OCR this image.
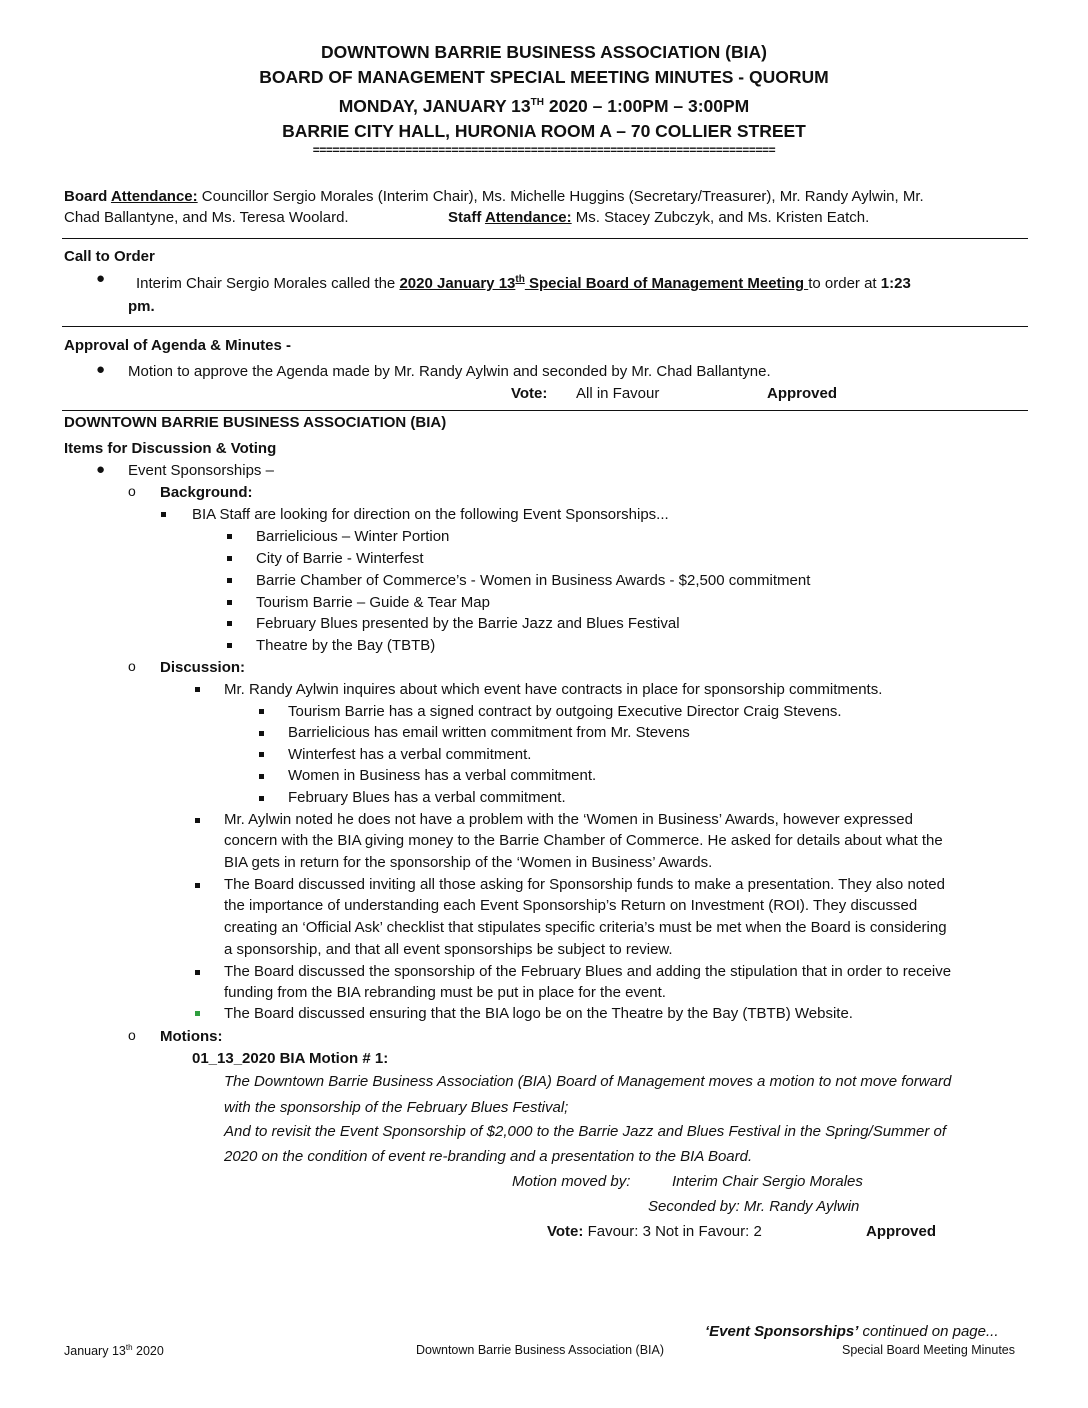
DOWNTOWN BARRIE BUSINESS ASSOCIATION (BIA)
BOARD OF MANAGEMENT SPECIAL MEETING MINUTES - QUORUM
MONDAY, JANUARY 13TH 2020 – 1:00PM – 3:00PM
BARRIE CITY HALL, HURONIA ROOM A – 70 COLLIER STREET
======================================================================
Board Attendance: Councillor Sergio Morales (Interim Chair), Ms. Michelle Huggins (Secretary/Treasurer), Mr. Randy Aylwin, Mr.
Chad Ballantyne, and Ms. Teresa Woolard.	Staff Attendance: Ms. Stacey Zubczyk, and Ms. Kristen Eatch.
Call to Order
● Interim Chair Sergio Morales called the 2020 January 13th Special Board of Management Meeting to order at 1:23
pm.
Approval of Agenda & Minutes -
● Motion to approve the Agenda made by Mr. Randy Aylwin and seconded by Mr. Chad Ballantyne.
Vote: All in Favour	Approved
DOWNTOWN BARRIE BUSINESS ASSOCIATION (BIA)
Items for Discussion & Voting
● Event Sponsorships –
o Background:
BIA Staff are looking for direction on the following Event Sponsorships...
Barrielicious – Winter Portion
City of Barrie - Winterfest
Barrie Chamber of Commerce’s - Women in Business Awards - $2,500 commitment
Tourism Barrie – Guide & Tear Map
February Blues presented by the Barrie Jazz and Blues Festival
Theatre by the Bay (TBTB)
o Discussion:
Mr. Randy Aylwin inquires about which event have contracts in place for sponsorship commitments.
Tourism Barrie has a signed contract by outgoing Executive Director Craig Stevens.
Barrielicious has email written commitment from Mr. Stevens
Winterfest has a verbal commitment.
Women in Business has a verbal commitment.
February Blues has a verbal commitment.
Mr. Aylwin noted he does not have a problem with the ‘Women in Business’ Awards, however expressed
concern with the BIA giving money to the Barrie Chamber of Commerce. He asked for details about what the
BIA gets in return for the sponsorship of the ‘Women in Business’ Awards.
The Board discussed inviting all those asking for Sponsorship funds to make a presentation. They also noted
the importance of understanding each Event Sponsorship’s Return on Investment (ROI). They discussed
creating an ‘Official Ask’ checklist that stipulates specific criteria’s must be met when the Board is considering
a sponsorship, and that all event sponsorships be subject to review.
The Board discussed the sponsorship of the February Blues and adding the stipulation that in order to receive
funding from the BIA rebranding must be put in place for the event.
The Board discussed ensuring that the BIA logo be on the Theatre by the Bay (TBTB) Website.
o Motions:
01_13_2020 BIA Motion # 1:
The Downtown Barrie Business Association (BIA) Board of Management moves a motion to not move forward
with the sponsorship of the February Blues Festival;
And to revisit the Event Sponsorship of $2,000 to the Barrie Jazz and Blues Festival in the Spring/Summer of
2020 on the condition of event re-branding and a presentation to the BIA Board.
Motion moved by:	Interim Chair Sergio Morales
Seconded by: Mr. Randy Aylwin
Vote: Favour: 3 Not in Favour: 2	Approved
‘Event Sponsorships’ continued on page...
January 13th 2020	Downtown Barrie Business Association (BIA)	Special Board Meeting Minutes
